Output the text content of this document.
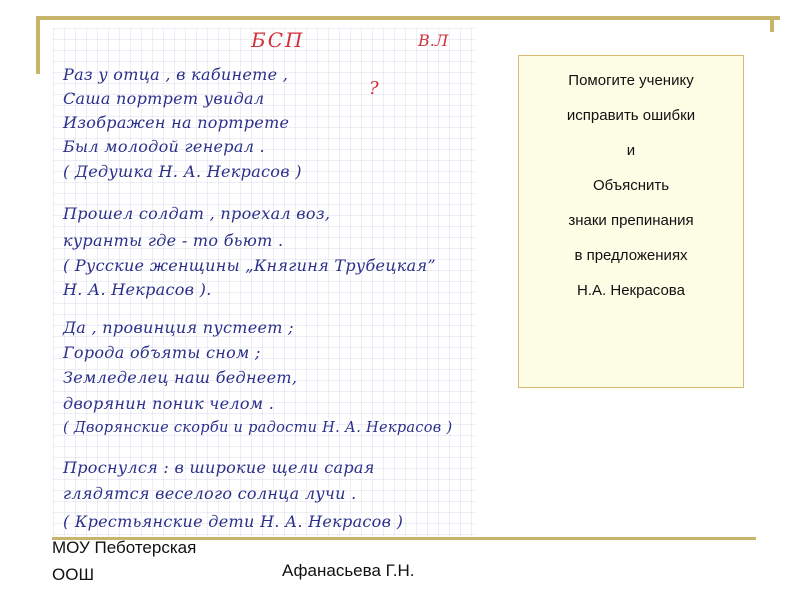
БСП	В.Л
?
Раз у отца , в кабинете ,
Саша портрет увидал
Изображен на портрете
Был молодой генерал .
( Дедушка Н. А. Некрасов )
Прошел солдат , проехал воз,
куранты где - то бьют .
( Русские женщины „Княгиня Трубецкая”
Н. А. Некрасов ).
Да , провинция пустеет ;
Города объяты сном ;
Земледелец наш беднеет,
дворянин поник челом .
( Дворянские скорби и радости Н. А. Некрасов )
Проснулся : в широкие щели сарая
глядятся веселого солнца лучи .
( Крестьянские дети Н. А. Некрасов )
Помогите ученику
исправить ошибки
и
Объяснить
знаки препинания
в предложениях
Н.А. Некрасова
МОУ Пеботерская
ООШ	Афанасьева Г.Н.
